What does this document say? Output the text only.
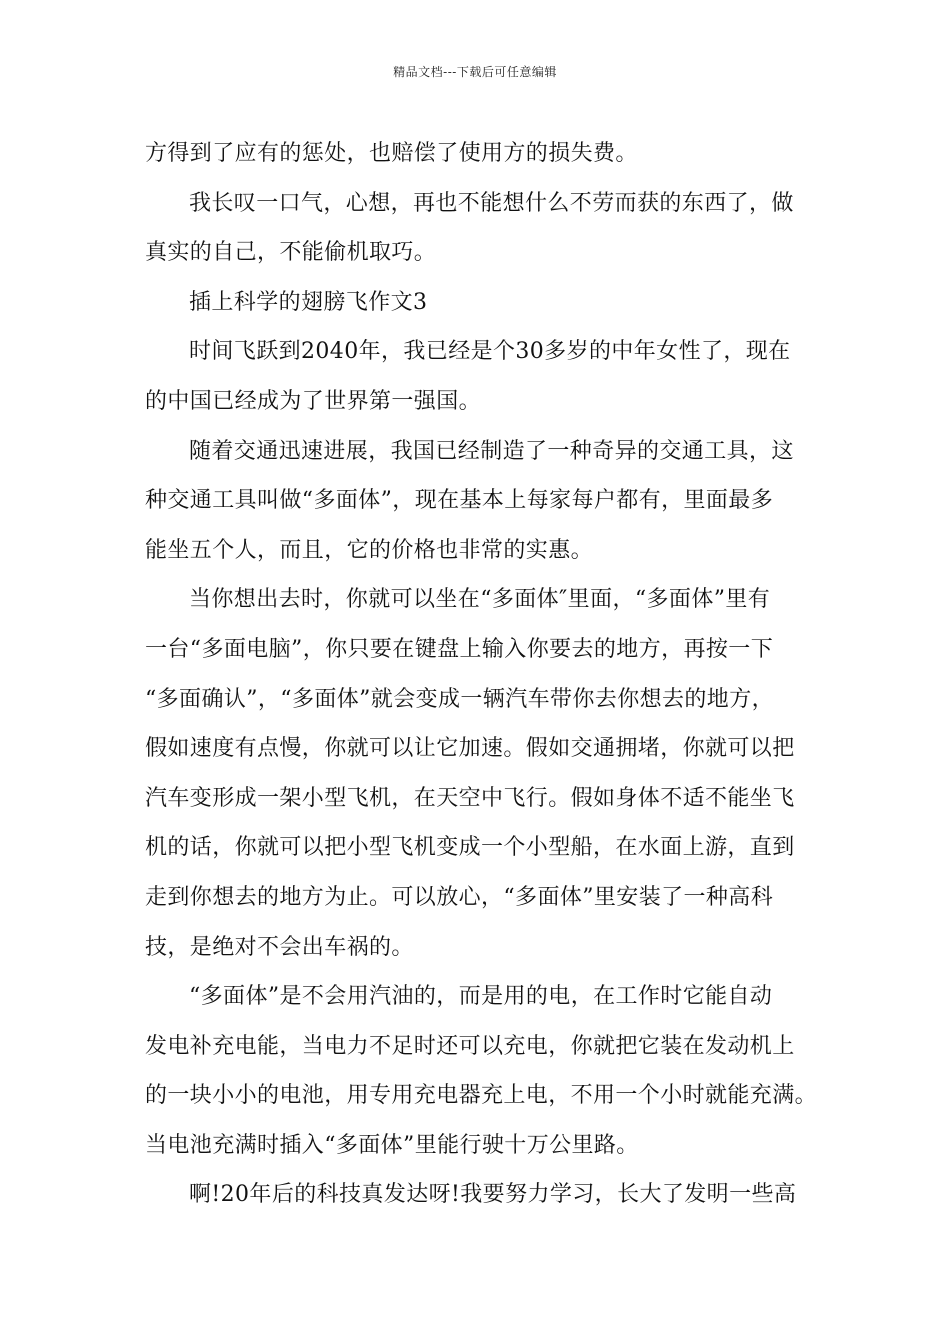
精品文档---下载后可任意编辑
方得到了应有的惩处，也赔偿了使用方的损失费。
我长叹一口气，心想，再也不能想什么不劳而获的东西了，做
真实的自己，不能偷机取巧。
插上科学的翅膀飞作文3
时间飞跃到2040年，我已经是个30多岁的中年女性了，现在
的中国已经成为了世界第一强国。
随着交通迅速进展，我国已经制造了一种奇异的交通工具，这
种交通工具叫做“多面体”，现在基本上每家每户都有，里面最多
能坐五个人，而且，它的价格也非常的实惠。
当你想出去时，你就可以坐在“多面体″里面，“多面体”里有
一台“多面电脑”，你只要在键盘上输入你要去的地方，再按一下
“多面确认”，“多面体”就会变成一辆汽车带你去你想去的地方，
假如速度有点慢，你就可以让它加速。假如交通拥堵，你就可以把
汽车变形成一架小型飞机，在天空中飞行。假如身体不适不能坐飞
机的话，你就可以把小型飞机变成一个小型船，在水面上游，直到
走到你想去的地方为止。可以放心，“多面体”里安装了一种高科
技，是绝对不会出车祸的。
“多面体”是不会用汽油的，而是用的电，在工作时它能自动
发电补充电能，当电力不足时还可以充电，你就把它装在发动机上
的一块小小的电池，用专用充电器充上电，不用一个小时就能充满。
当电池充满时插入“多面体”里能行驶十万公里路。
啊!20年后的科技真发达呀!我要努力学习，长大了发明一些高
